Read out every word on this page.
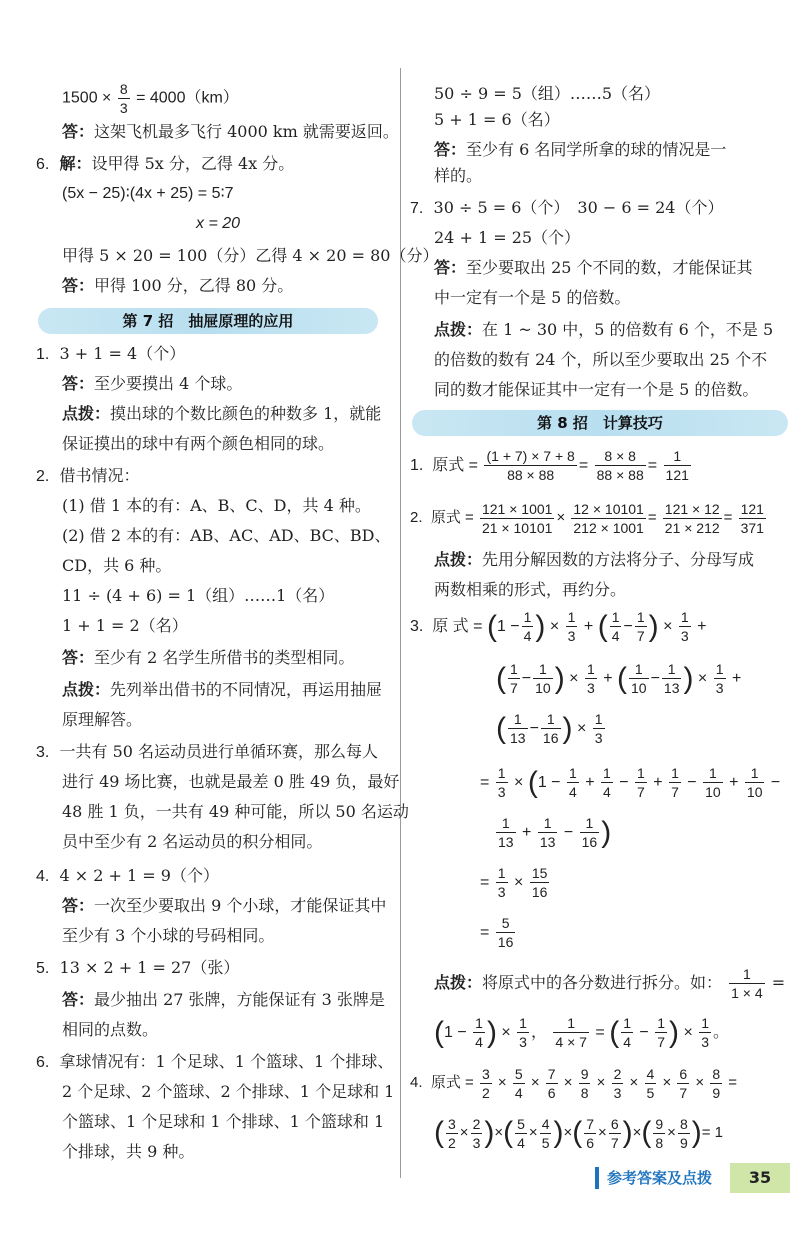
$1500 \times \frac{8}{3} = 4000(km)$
答：这架飞机最多飞行 4000 km 就需要返回。
6. 解：设甲得 5x 分，乙得 4x 分。
(5x − 25)∶(4x + 25) = 5∶7
x = 20
甲得 5 × 20 = 100（分）乙得 4 × 20 = 80（分）
答：甲得 100 分，乙得 80 分。
第 7 招　抽屉原理的应用
1. 3 + 1 = 4（个）
答：至少要摸出 4 个球。
点拨：摸出球的个数比颜色的种数多 1，就能
保证摸出的球中有两个颜色相同的球。
2. 借书情况：
(1) 借 1 本的有：A、B、C、D，共 4 种。
(2) 借 2 本的有：AB、AC、AD、BC、BD、
CD，共 6 种。
11 ÷ (4 + 6) = 1（组）……1（名）
1 + 1 = 2（名）
答：至少有 2 名学生所借书的类型相同。
点拨：先列举出借书的不同情况，再运用抽屉
原理解答。
3. 一共有 50 名运动员进行单循环赛，那么每人
进行 49 场比赛，也就是最差 0 胜 49 负，最好
48 胜 1 负，一共有 49 种可能，所以 50 名运动
员中至少有 2 名运动员的积分相同。
4. 4 × 2 + 1 = 9（个）
答：一次至少要取出 9 个小球，才能保证其中
至少有 3 个小球的号码相同。
5. 13 × 2 + 1 = 27（张）
答：最少抽出 27 张牌，方能保证有 3 张牌是
相同的点数。
6. 拿球情况有：1 个足球、1 个篮球、1 个排球、
2 个足球、2 个篮球、2 个排球、1 个足球和 1
个篮球、1 个足球和 1 个排球、1 个篮球和 1
个排球，共 9 种。
50 ÷ 9 = 5（组）……5（名）
5 + 1 = 6（名）
答：至少有 6 名同学所拿的球的情况是一
样的。
7. 30 ÷ 5 = 6（个）　30 − 6 = 24（个）
24 + 1 = 25（个）
答：至少要取出 25 个不同的数，才能保证其
中一定有一个是 5 的倍数。
点拨：在 1 ~ 30 中，5 的倍数有 6 个，不是 5
的倍数的数有 24 个，所以至少要取出 25 个不
同的数才能保证其中一定有一个是 5 的倍数。
第 8 招　计算技巧
1. 原式 = $\frac{(1 + 7) \times 7 + 8}{88 \times 88} = \frac{8 \times 8}{88 \times 88} = \frac{1}{121}$
2. 原式 = $\frac{121 \times 1001}{21 \times 10101} \times \frac{12 \times 10101}{212 \times 1001} = \frac{121 \times 12}{21 \times 212} = \frac{121}{371}$
点拨：先用分解因数的方法将分子、分母写成
两数相乘的形式，再约分。
3. 原 式 = ($1 - \frac{1}{4}$ ) × $\frac{1}{3}$ + ( $\frac{1}{4} - \frac{1}{7}$ ) × $\frac{1}{3}$ +
( $\frac{1}{7} - \frac{1}{10}$ ) × $\frac{1}{3}$ + ( $\frac{1}{10} - \frac{1}{13}$ ) × $\frac{1}{3}$ +
( $\frac{1}{13} - \frac{1}{16}$ ) × $\frac{1}{3}$
= $\frac{1}{3} \times (1 - \frac{1}{4} + \frac{1}{4} - \frac{1}{7} + \frac{1}{7} - \frac{1}{10} + \frac{1}{10}$ −
$\frac{1}{13} + \frac{1}{13} - \frac{1}{16}$ )
= $\frac{1}{3} \times \frac{15}{16}$
= $\frac{5}{16}$
点拨：将原式中的各分数进行拆分。如： $\frac{1}{1 \times 4}$ =
($1 - \frac{1}{4}$ ) × $\frac{1}{3}$ ， $\frac{1}{4 \times 7}$ = ( $\frac{1}{4} - \frac{1}{7}$ ) × $\frac{1}{3}$ 。
4. 原式 = $\frac{3}{2} \times \frac{5}{4} \times \frac{7}{6} \times \frac{9}{8} \times \frac{2}{3} \times \frac{4}{5} \times \frac{6}{7} \times \frac{8}{9}$ =
( $\frac{3}{2} \times \frac{2}{3}$ )×( $\frac{5}{4} \times \frac{4}{5}$ )×( $\frac{7}{6} \times \frac{6}{7}$ )×( $\frac{9}{8} \times \frac{8}{9}$ )= 1
参考答案及点拨	35
